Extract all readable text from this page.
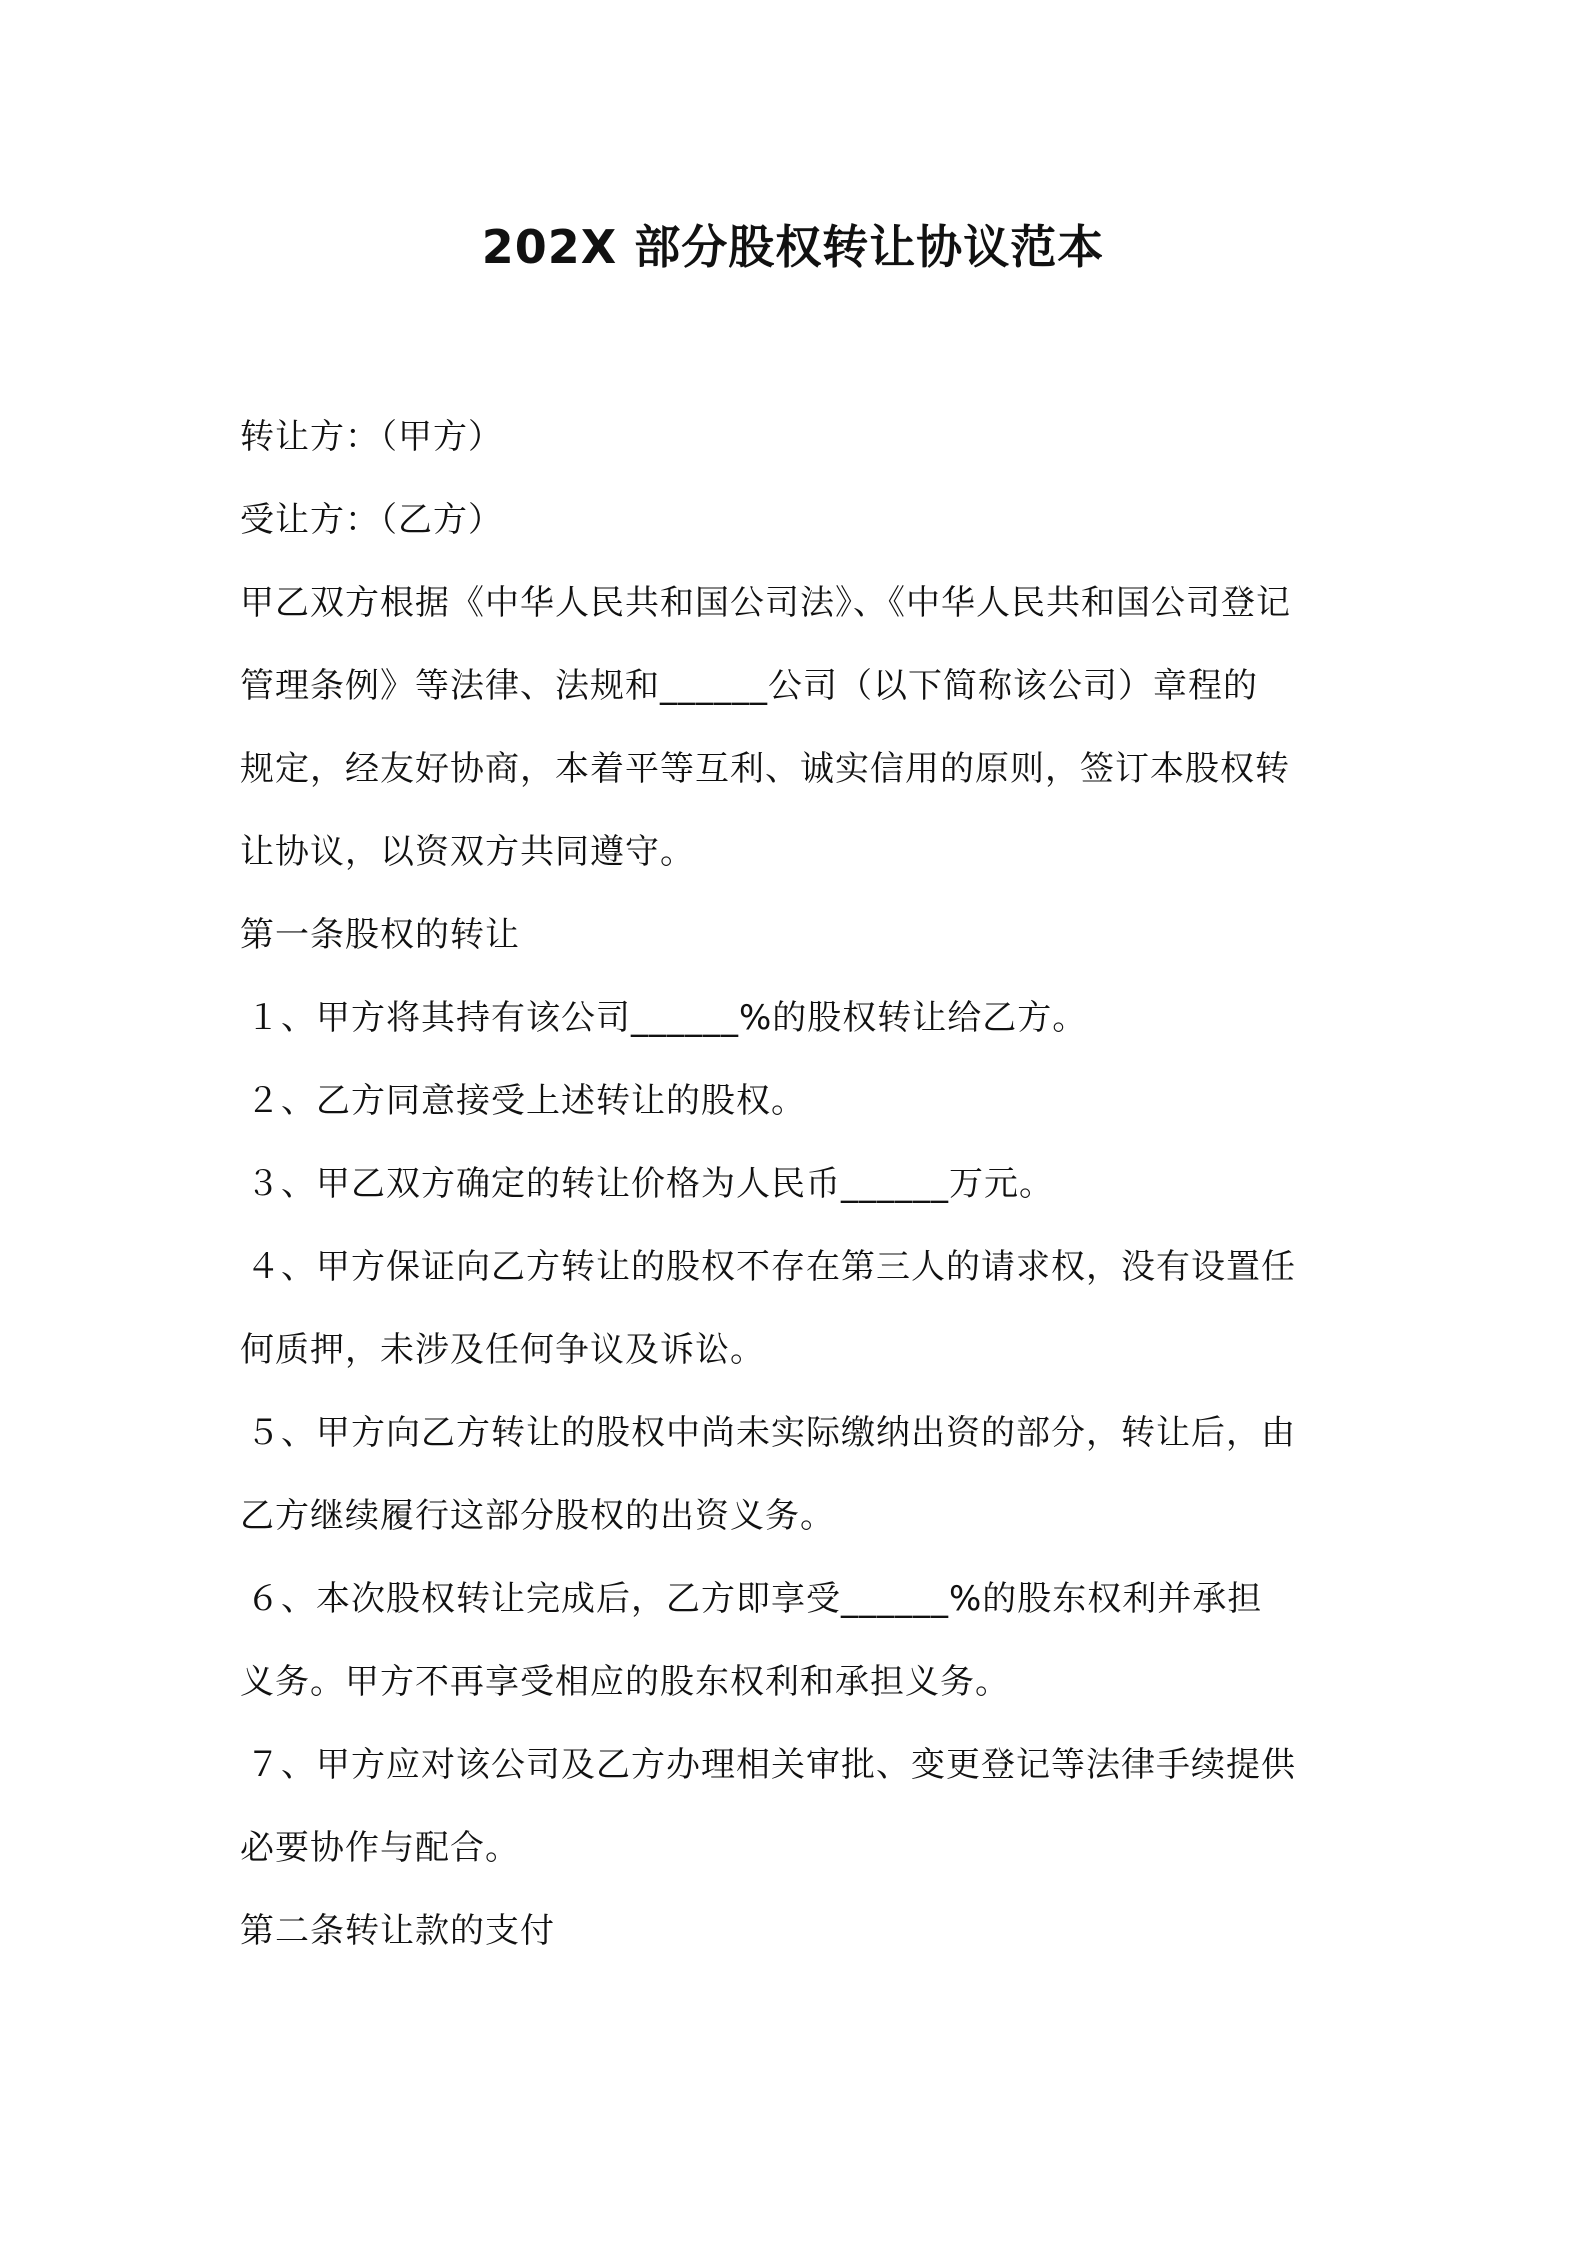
202X 部分股权转让协议范本
转让方：（甲方）
受让方：（乙方）
甲乙双方根据《中华人民共和国公司法》、《中华人民共和国公司登记
管理条例》等法律、法规和______公司（以下简称该公司）章程的
规定，经友好协商，本着平等互利、诚实信用的原则，签订本股权转
让协议，以资双方共同遵守。
第一条股权的转让
１、甲方将其持有该公司______%的股权转让给乙方。
２、乙方同意接受上述转让的股权。
３、甲乙双方确定的转让价格为人民币______万元。
４、甲方保证向乙方转让的股权不存在第三人的请求权，没有设置任
何质押，未涉及任何争议及诉讼。
５、甲方向乙方转让的股权中尚未实际缴纳出资的部分，转让后，由
乙方继续履行这部分股权的出资义务。
６、本次股权转让完成后，乙方即享受______%的股东权利并承担
义务。甲方不再享受相应的股东权利和承担义务。
７、甲方应对该公司及乙方办理相关审批、变更登记等法律手续提供
必要协作与配合。
第二条转让款的支付
